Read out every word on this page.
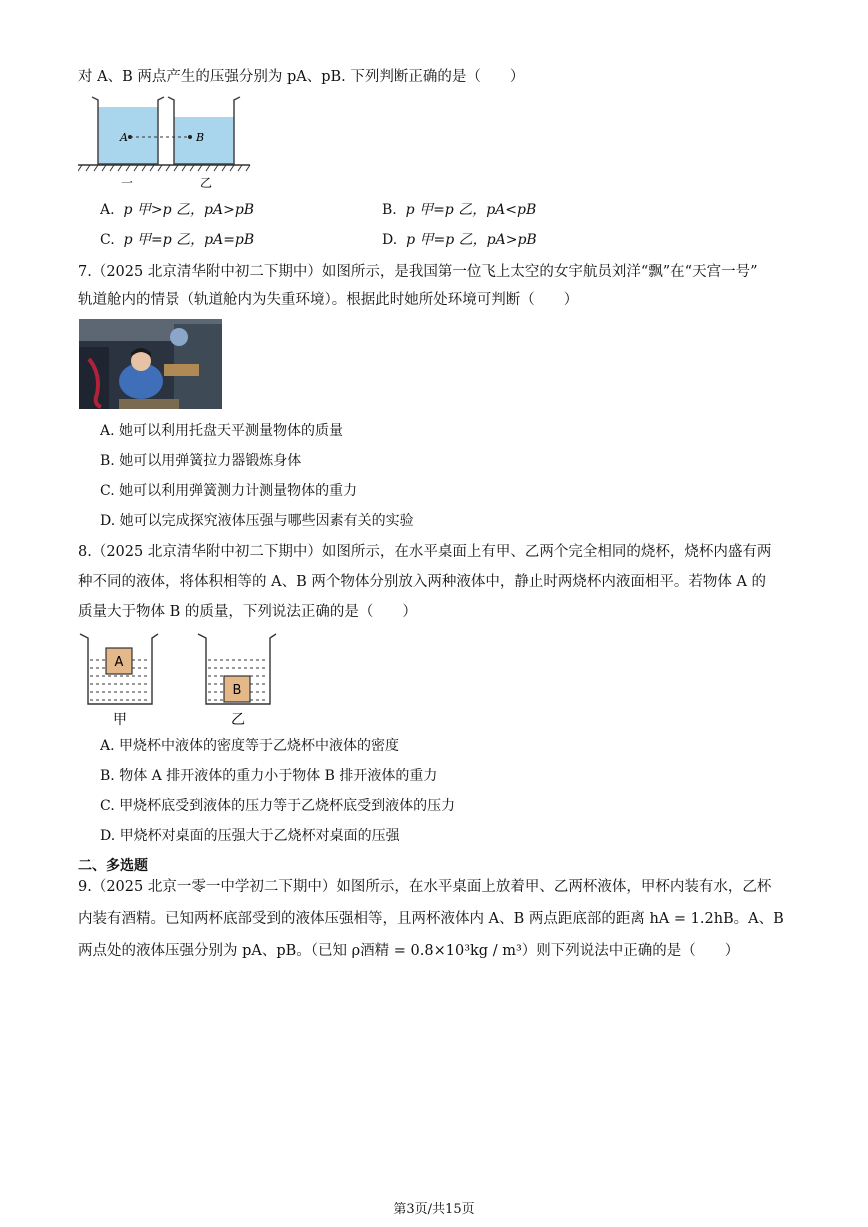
对 A、B 两点产生的压强分别为 pA、pB. 下列判断正确的是（　　）
A	B
一	乙
A. p 甲>p 乙，pA>pB	B. p 甲=p 乙，pA<pB
C. p 甲=p 乙，pA=pB	D. p 甲=p 乙，pA>pB
7.（2025 北京清华附中初二下期中）如图所示，是我国第一位飞上太空的女宇航员刘洋“飘”在“天宫一号”
轨道舱内的情景（轨道舱内为失重环境）。根据此时她所处环境可判断（　　）
A. 她可以利用托盘天平测量物体的质量
B. 她可以用弹簧拉力器锻炼身体
C. 她可以利用弹簧测力计测量物体的重力
D. 她可以完成探究液体压强与哪些因素有关的实验
8.（2025 北京清华附中初二下期中）如图所示，在水平桌面上有甲、乙两个完全相同的烧杯，烧杯内盛有两
种不同的液体，将体积相等的 A、B 两个物体分别放入两种液体中，静止时两烧杯内液面相平。若物体 A 的
质量大于物体 B 的质量，下列说法正确的是（　　）
A
B
甲	乙
A. 甲烧杯中液体的密度等于乙烧杯中液体的密度
B. 物体 A 排开液体的重力小于物体 B 排开液体的重力
C. 甲烧杯底受到液体的压力等于乙烧杯底受到液体的压力
D. 甲烧杯对桌面的压强大于乙烧杯对桌面的压强
二、多选题
9.（2025 北京一零一中学初二下期中）如图所示，在水平桌面上放着甲、乙两杯液体，甲杯内装有水，乙杯
内装有酒精。已知两杯底部受到的液体压强相等，且两杯液体内 A、B 两点距底部的距离 hA = 1.2hB。A、B
两点处的液体压强分别为 pA、pB。（已知 ρ酒精 = 0.8×10³kg / m³）则下列说法中正确的是（　　）
第3页/共15页
